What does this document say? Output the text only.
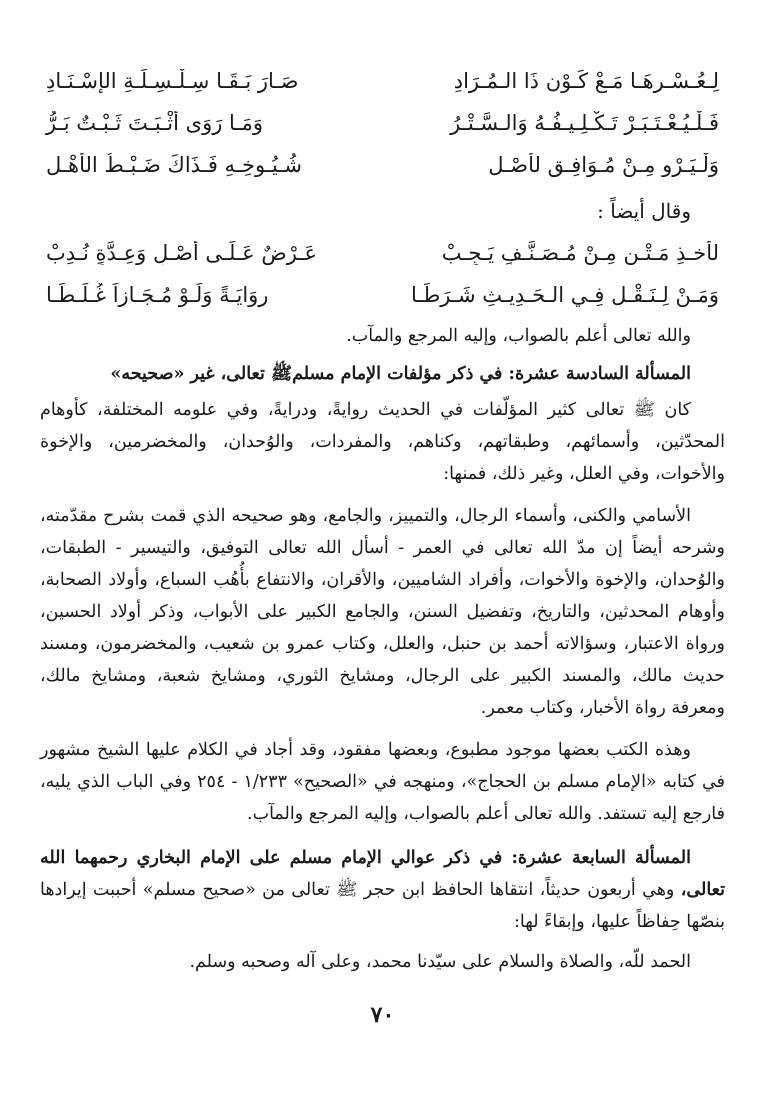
لِـعُـسْـرِهَـا مَـعْ كَـوْنِ ذَا الـمُـرَادِ
صَـارَ بَـقَـا سِـلْـسِـلَـةِ الإِسْـنَـادِ
فَـلْـيُـعْـتَـبَـرْ تَـكْـلِـيـفُـهُ وَالـسَّـتْـرُ
وَمَـا رَوَى أَثْـبَـتَ ثَـبْـتٌ بَـرُّ
وَلْـيَـرْوِ مِـنْ مُـوَافِـقٍ لأَصْـلِ
شُـيُـوخِـهِ فَـذَاكَ ضَـبْـطُ الأَهْـلِ
وقال أيضاً :
لأخـذِ مَـتْـنٍ مِـنْ مُـصَـنَّـفٍ يَـجِـبْ
عَـرْضٌ عَـلَـى أَصْـلٍ وَعِـدَّةٍ نُـدِبْ
وَمَـنْ لِـنَـقْـلٍ فِـي الـحَـدِيـثِ شَـرَطَـا
رِوَايَـةً وَلَـوْ مُـجَـازاً غُـلِّـطَـا

والله تعالى أعلم بالصواب، وإليه المرجع والمآب.

المسألة السادسة عشرة: في ذكر مؤلفات الإمام مسلمﷺ تعالى، غير «صحيحه»

كان ﷺ تعالى كثير المؤلّفات في الحديث روايةً، ودرايةً، وفي علومه المختلفة، كأوهام المحدّثين، وأسمائهم، وطبقاتهم، وكناهم، والمفردات، والوُحدان، والمخضرمين، والإخوة والأخوات، وفي العلل، وغير ذلك، فمنها:

الأسامي والكنى، وأسماء الرجال، والتمييز، والجامع، وهو صحيحه الذي قمت بشرح مقدّمته، وشرحه أيضاً إن مدّ الله تعالى في العمر - أسأل الله تعالى التوفيق، والتيسير - الطبقات، والوُحدان، والإخوة والأخوات، وأفراد الشاميين، والأقران، والانتفاع بأُهُب السباع، وأولاد الصحابة، وأوهام المحدثين، والتاريخ، وتفضيل السنن، والجامع الكبير على الأبواب، وذكر أولاد الحسين، ورواة الاعتبار، وسؤالاته أحمد بن حنبل، والعلل، وكتاب عمرو بن شعيب، والمخضرمون، ومسند حديث مالك، والمسند الكبير على الرجال، ومشايخ الثوري، ومشايخ شعبة، ومشايخ مالك، ومعرفة رواة الأخبار، وكتاب معمر.

وهذه الكتب بعضها موجود مطبوع، وبعضها مفقود، وقد أجاد في الكلام عليها الشيخ مشهور في كتابه «الإمام مسلم بن الحجاج»، ومنهجه في «الصحيح» ١/٢٣٣ - ٢٥٤ وفي الباب الذي يليه، فارجع إليه تستفد. والله تعالى أعلم بالصواب، وإليه المرجع والمآب.

المسألة السابعة عشرة: في ذكر عوالي الإمام مسلم على الإمام البخاري رحمهما الله تعالى، وهي أربعون حديثاً، انتقاها الحافظ ابن حجر ﷺ تعالى من «صحيح مسلم» أحببت إيرادها بنصّها حِفاظاً عليها، وإبقاءً لها:

الحمد للّه، والصلاة والسلام على سيّدنا محمد، وعلى آله وصحبه وسلم.

٧٠
